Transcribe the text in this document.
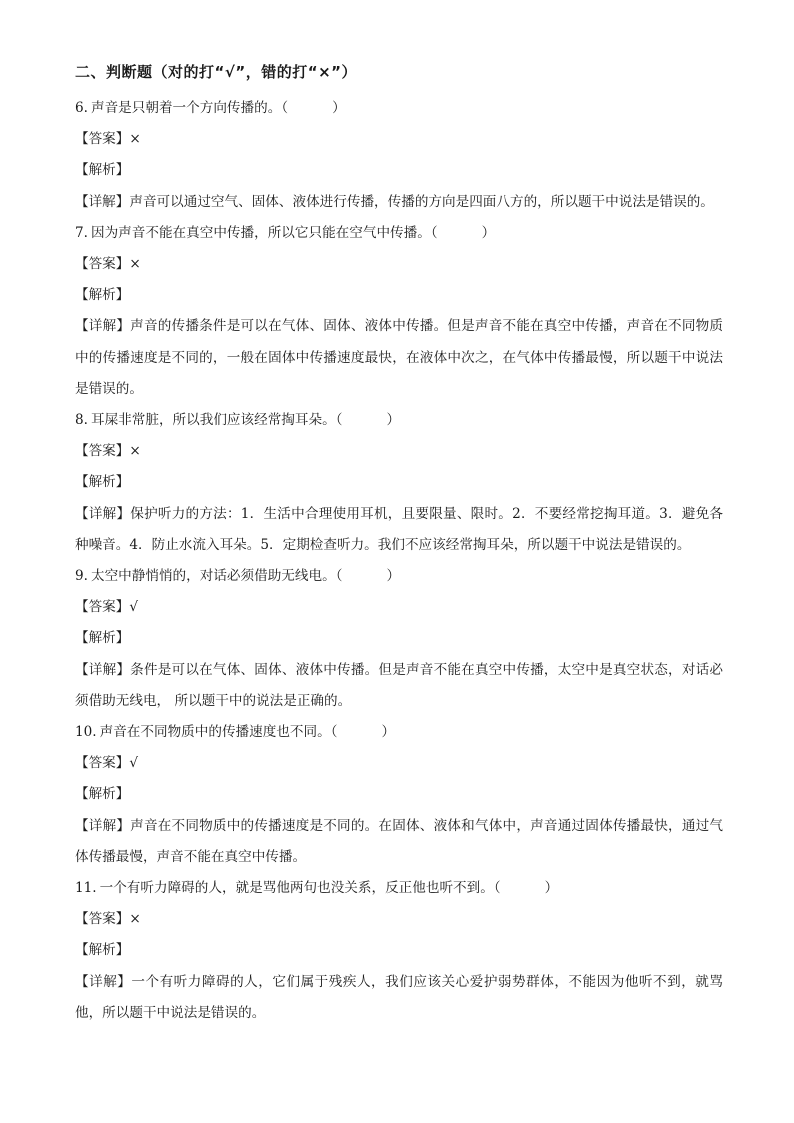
二、判断题（对的打“√”，错的打“×”）
6. 声音是只朝着一个方向传播的。（	）
【答案】×
【解析】
【详解】声音可以通过空气、固体、液体进行传播，传播的方向是四面八方的，所以题干中说法是错误的。
7. 因为声音不能在真空中传播，所以它只能在空气中传播。（	）
【答案】×
【解析】
【详解】声音的传播条件是可以在气体、固体、液体中传播。但是声音不能在真空中传播，声音在不同物质中的传播速度是不同的，一般在固体中传播速度最快，在液体中次之，在气体中传播最慢，所以题干中说法是错误的。
8. 耳屎非常脏，所以我们应该经常掏耳朵。（	）
【答案】×
【解析】
【详解】保护听力的方法：1．生活中合理使用耳机，且要限量、限时。2．不要经常挖掏耳道。3．避免各种噪音。4．防止水流入耳朵。5．定期检查听力。我们不应该经常掏耳朵，所以题干中说法是错误的。
9. 太空中静悄悄的，对话必须借助无线电。（	）
【答案】√
【解析】
【详解】条件是可以在气体、固体、液体中传播。但是声音不能在真空中传播，太空中是真空状态，对话必须借助无线电， 所以题干中的说法是正确的。
10. 声音在不同物质中的传播速度也不同。（	）
【答案】√
【解析】
【详解】声音在不同物质中的传播速度是不同的。在固体、液体和气体中，声音通过固体传播最快，通过气体传播最慢，声音不能在真空中传播。
11. 一个有听力障碍的人，就是骂他两句也没关系，反正他也听不到。（	）
【答案】×
【解析】
【详解】一个有听力障碍的人，它们属于残疾人，我们应该关心爱护弱势群体，不能因为他听不到，就骂他，所以题干中说法是错误的。
